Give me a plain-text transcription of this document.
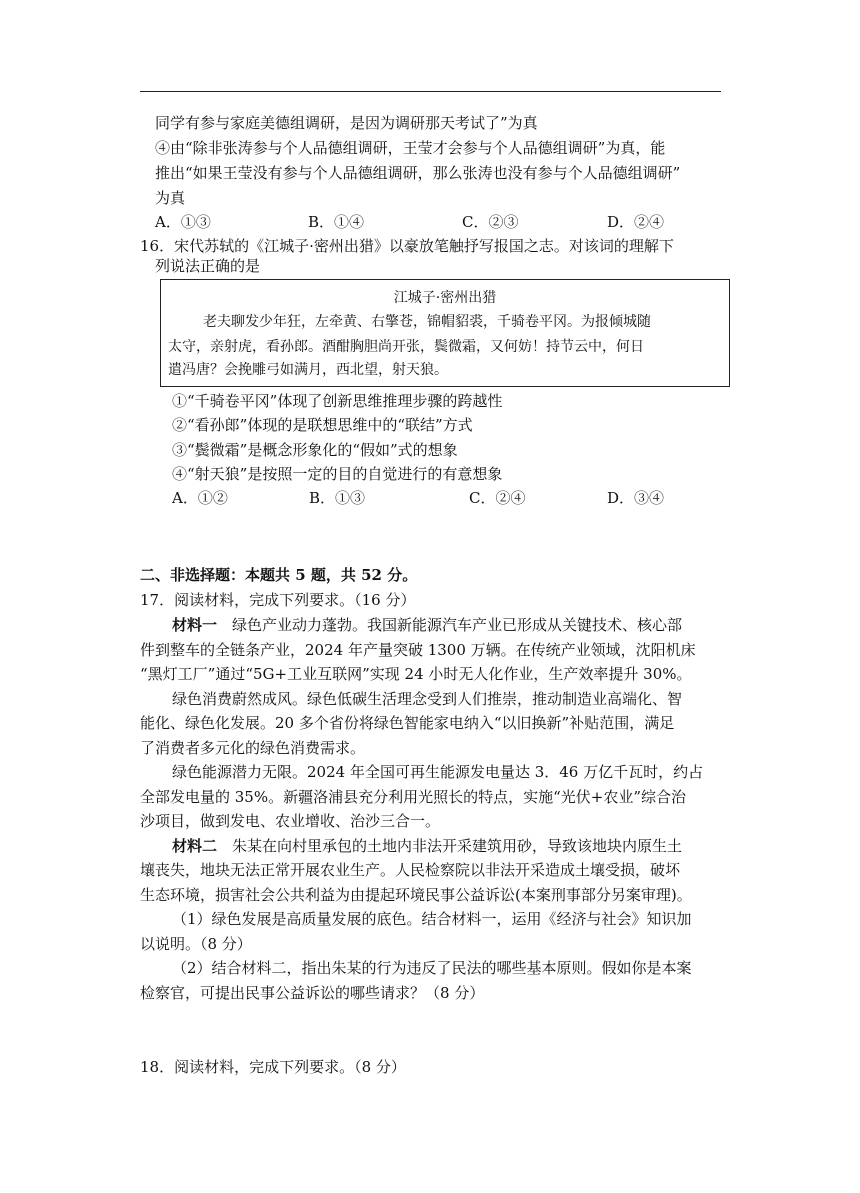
同学有参与家庭美德组调研，是因为调研那天考试了”为真
④由“除非张涛参与个人品德组调研，王莹才会参与个人品德组调研”为真，能
推出“如果王莹没有参与个人品德组调研，那么张涛也没有参与个人品德组调研”
为真
A．①③	B．①④	C．②③	D．②④
16．宋代苏轼的《江城子·密州出猎》以豪放笔触抒写报国之志。对该词的理解下
列说法正确的是
江城子·密州出猎
老夫聊发少年狂，左牵黄、右擎苍，锦帽貂裘，千骑卷平冈。为报倾城随
太守，亲射虎，看孙郎。酒酣胸胆尚开张，鬓微霜，又何妨！持节云中，何日
遣冯唐？会挽雕弓如满月，西北望，射天狼。
①“千骑卷平冈”体现了创新思维推理步骤的跨越性
②“看孙郎”体现的是联想思维中的“联结”方式
③“鬓微霜”是概念形象化的“假如”式的想象
④“射天狼”是按照一定的目的自觉进行的有意想象
A．①②	B．①③	C．②④	D．③④
二、非选择题：本题共 5 题，共 52 分。
17．阅读材料，完成下列要求。（16 分）
材料一　 绿色产业动力蓬勃。我国新能源汽车产业已形成从关键技术、核心部
件到整车的全链条产业，2024 年产量突破 1300 万辆。在传统产业领域，沈阳机床
“黑灯工厂”通过“5G+工业互联网”实现 24 小时无人化作业，生产效率提升 30%。
绿色消费蔚然成风。绿色低碳生活理念受到人们推崇，推动制造业高端化、智
能化、绿色化发展。20 多个省份将绿色智能家电纳入“以旧换新”补贴范围，满足
了消费者多元化的绿色消费需求。
绿色能源潜力无限。2024 年全国可再生能源发电量达 3．46 万亿千瓦时，约占
全部发电量的 35%。新疆洛浦县充分利用光照长的特点，实施“光伏+农业”综合治
沙项目，做到发电、农业增收、治沙三合一。
材料二　 朱某在向村里承包的土地内非法开采建筑用砂，导致该地块内原生土
壤丧失，地块无法正常开展农业生产。人民检察院以非法开采造成土壤受损，破坏
生态环境，损害社会公共利益为由提起环境民事公益诉讼(本案刑事部分另案审理)。
（1）绿色发展是高质量发展的底色。结合材料一，运用《经济与社会》知识加
以说明。（8 分）
（2）结合材料二，指出朱某的行为违反了民法的哪些基本原则。假如你是本案
检察官，可提出民事公益诉讼的哪些请求？（8 分）
18．阅读材料，完成下列要求。（8 分）
